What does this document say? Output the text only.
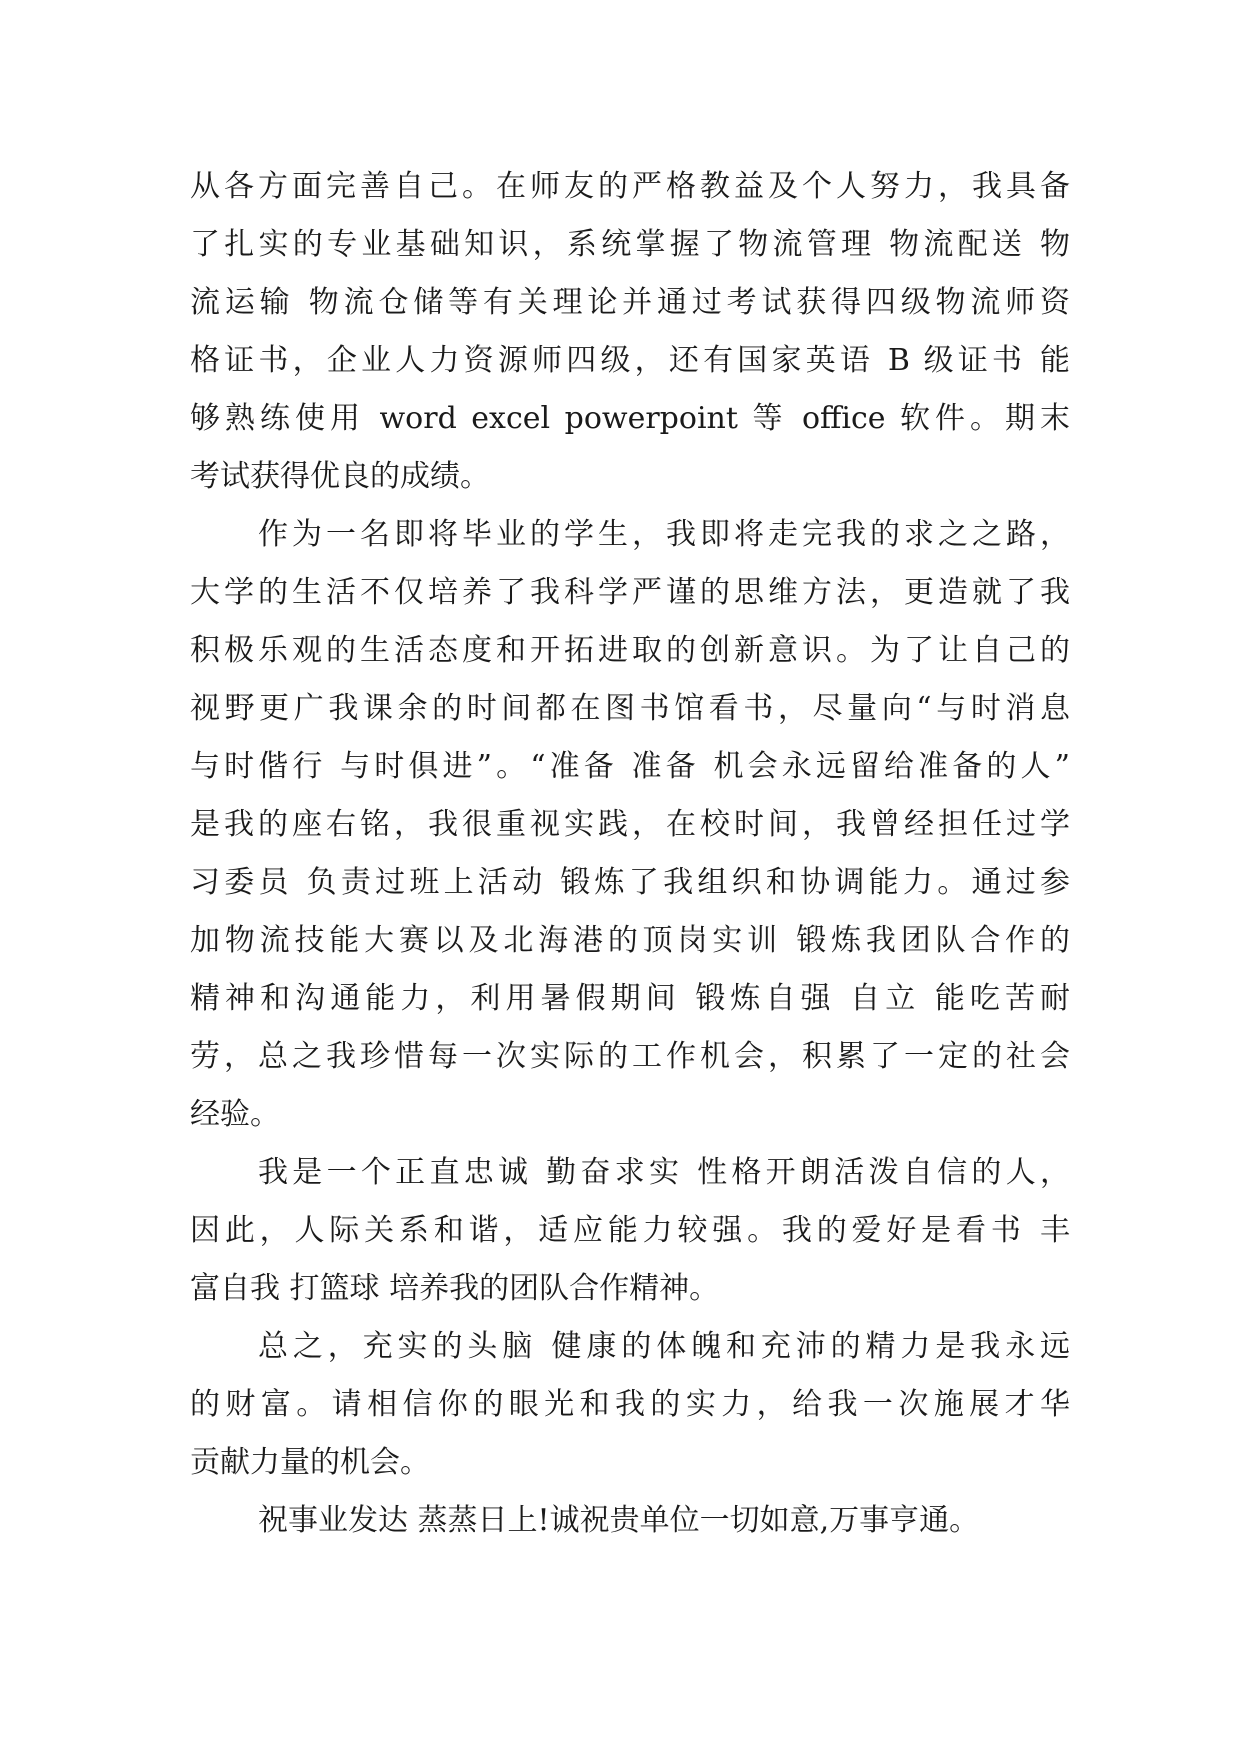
从各方面完善自己。在师友的严格教益及个人努力，我具备
了扎实的专业基础知识，系统掌握了物流管理 物流配送 物
流运输 物流仓储等有关理论并通过考试获得四级物流师资
格证书，企业人力资源师四级，还有国家英语 B 级证书 能
够熟练使用 word excel powerpoint 等 office 软件。期末
考试获得优良的成绩。
作为一名即将毕业的学生，我即将走完我的求之之路，
大学的生活不仅培养了我科学严谨的思维方法，更造就了我
积极乐观的生活态度和开拓进取的创新意识。为了让自己的
视野更广我课余的时间都在图书馆看书，尽量向“与时消息
与时偕行 与时俱进”。“准备 准备 机会永远留给准备的人”
是我的座右铭，我很重视实践，在校时间，我曾经担任过学
习委员 负责过班上活动 锻炼了我组织和协调能力。通过参
加物流技能大赛以及北海港的顶岗实训 锻炼我团队合作的
精神和沟通能力，利用暑假期间 锻炼自强 自立 能吃苦耐
劳，总之我珍惜每一次实际的工作机会，积累了一定的社会
经验。
我是一个正直忠诚 勤奋求实 性格开朗活泼自信的人，
因此，人际关系和谐，适应能力较强。我的爱好是看书 丰
富自我 打篮球 培养我的团队合作精神。
总之，充实的头脑 健康的体魄和充沛的精力是我永远
的财富。请相信你的眼光和我的实力，给我一次施展才华
贡献力量的机会。
祝事业发达 蒸蒸日上!诚祝贵单位一切如意,万事亨通。
